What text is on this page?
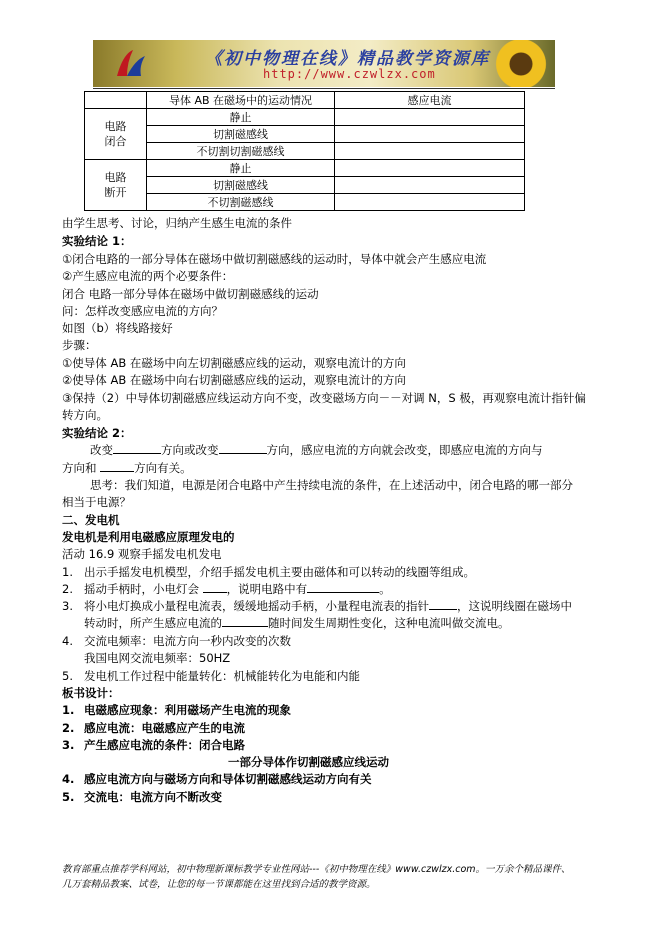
《初中物理在线》精品教学资源库
http://www.czwlzx.com
	导体 AB 在磁场中的运动情况	感应电流
电路
闭合	静止	
	切割磁感线	
	不切割切割磁感线	
电路
断开	静止	
	切割磁感线	
	不切割磁感线	
由学生思考、讨论，归纳产生感生电流的条件
实验结论 1：
①闭合电路的一部分导体在磁场中做切割磁感线的运动时，导体中就会产生感应电流
②产生感应电流的两个必要条件：
闭合 电路一部分导体在磁场中做切割磁感线的运动
问：怎样改变感应电流的方向？
如图（b）将线路接好
步骤：
①使导体 AB 在磁场中向左切割磁感应线的运动，观察电流计的方向
②使导体 AB 在磁场中向右切割磁感应线的运动，观察电流计的方向
③保持（2）中导体切割磁感应线运动方向不变，改变磁场方向－－对调 N，S 极，再观察电流计指针偏
转方向。
实验结论 2：
改变	方向或改变	方向，感应电流的方向就会改变，即感应电流的方向与
方向和	方向有关。
思考：我们知道，电源是闭合电路中产生持续电流的条件，在上述活动中，闭合电路的哪一部分
相当于电源？
二、发电机
发电机是利用电磁感应原理发电的
活动 16.9 观察手摇发电机发电
1. 出示手摇发电机模型，介绍手摇发电机主要由磁体和可以转动的线圈等组成。
2. 摇动手柄时，小电灯会 ，说明电路中有	。
3. 将小电灯换成小量程电流表，缓缓地摇动手柄，小量程电流表的指针 ，这说明线圈在磁场中
转动时，所产生感应电流的	随时间发生周期性变化，这种电流叫做交流电。
4. 交流电频率：电流方向一秒内改变的次数
我国电网交流电频率：50HZ
5. 发电机工作过程中能量转化：机械能转化为电能和内能
板书设计：
1. 电磁感应现象：利用磁场产生电流的现象
2. 感应电流：电磁感应产生的电流
3. 产生感应电流的条件：闭合电路
一部分导体作切割磁感应线运动
4. 感应电流方向与磁场方向和导体切割磁感线运动方向有关
5. 交流电：电流方向不断改变
教育部重点推荐学科网站，初中物理新课标教学专业性网站---《初中物理在线》www.czwlzx.com。一万余个精品课件、
几万套精品教案、试卷，让您的每一节课都能在这里找到合适的教学资源。
